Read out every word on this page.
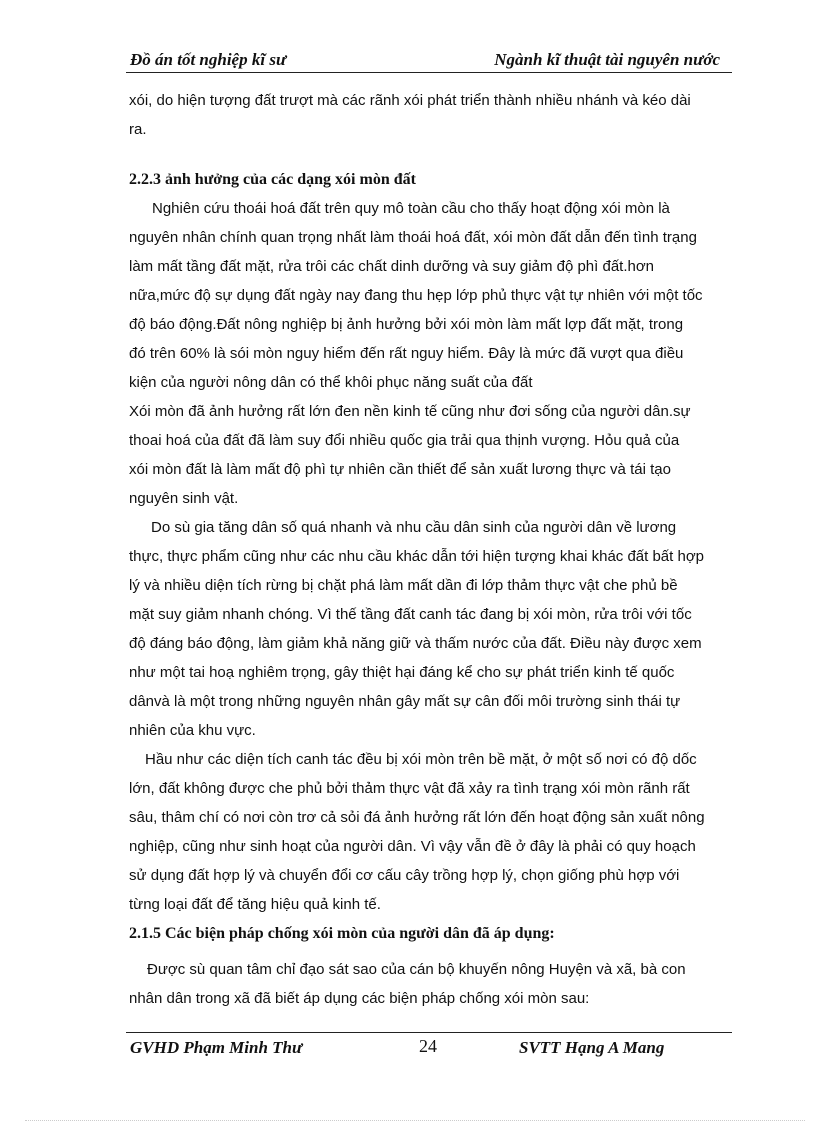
Đồ án tốt nghiệp kĩ sư	Ngành kĩ thuật tài nguyên nước
xói, do hiện tượng đất trượt mà các rãnh xói phát triển thành nhiều nhánh và kéo dài
ra.
2.2.3 ảnh hưởng của các dạng xói mòn đất
Nghiên cứu thoái hoá đất trên quy mô toàn cầu cho thấy hoạt động xói mòn là
nguyên nhân chính quan trọng nhất làm thoái hoá đất, xói mòn đất dẫn đến tình trạng
làm mất tầng đất mặt, rửa trôi các chất dinh dưỡng và suy giảm độ phì đất.hơn
nữa,mức độ sự dụng đất ngày nay đang thu hẹp lớp phủ thực vật tự nhiên với một tốc
độ báo động.Đất nông nghiệp bị ảnh hưởng bởi xói mòn làm mất lợp đất mặt, trong
đó trên 60% là sói mòn nguy hiểm đến rất nguy hiểm. Đây là mức đã vượt qua điều
kiện của người nông dân có thể khôi phục năng suất của đất
Xói mòn đã ảnh hưởng rất lớn đen nền kinh tế cũng như đơi sống của người dân.sự
thoai hoá của đất đã làm suy đổi nhiều quốc gia trải qua thịnh vượng. Hỏu quả của
xói mòn đất là làm mất độ phì tự nhiên cần thiết để sản xuất lương thực và tái tạo
nguyên sinh vật.
Do sù gia tăng dân số quá nhanh và nhu cầu dân sinh của người dân về lương
thực, thực phẩm cũng như các nhu cầu khác dẫn tới hiện tượng khai khác đất bất hợp
lý và nhiều diện tích rừng bị chặt phá làm mất dần đi lớp thảm thực vật che phủ bề
mặt suy giảm nhanh chóng. Vì thế tầng đất canh tác đang bị xói mòn, rửa trôi với tốc
độ đáng báo động, làm giảm khả năng giữ và thấm nước của đất. Điều này được xem
như một tai hoạ nghiêm trọng, gây thiệt hại đáng kể cho sự phát triển kinh tế quốc
dânvà là một trong những nguyên nhân gây mất sự cân đối môi trường sinh thái tự
nhiên của khu vực.
Hầu như các diện tích canh tác đều bị xói mòn trên bề mặt, ở một số nơi có độ dốc
lớn, đất không được che phủ bởi thảm thực vật đã xảy ra tình trạng xói mòn rãnh rất
sâu, thâm chí có nơi còn trơ cả sỏi đá ảnh hưởng rất lớn đến hoạt động sản xuất nông
nghiệp, cũng như sinh hoạt của người dân. Vì vậy vẫn đề ở đây là phải có quy hoạch
sử dụng đất hợp lý và chuyển đổi cơ cấu cây trồng hợp lý, chọn giống phù hợp với
từng loại đất để tăng hiệu quả kinh tế.
2.1.5 Các biện pháp chống xói mòn của người dân đã áp dụng:
Được sù quan tâm chỉ đạo sát sao của cán bộ khuyến nông Huyện và xã, bà con
nhân dân trong xã đã biết áp dụng các biện pháp chống xói mòn sau:
GVHD Phạm Minh Thư	24	SVTT Hạng A Mang
